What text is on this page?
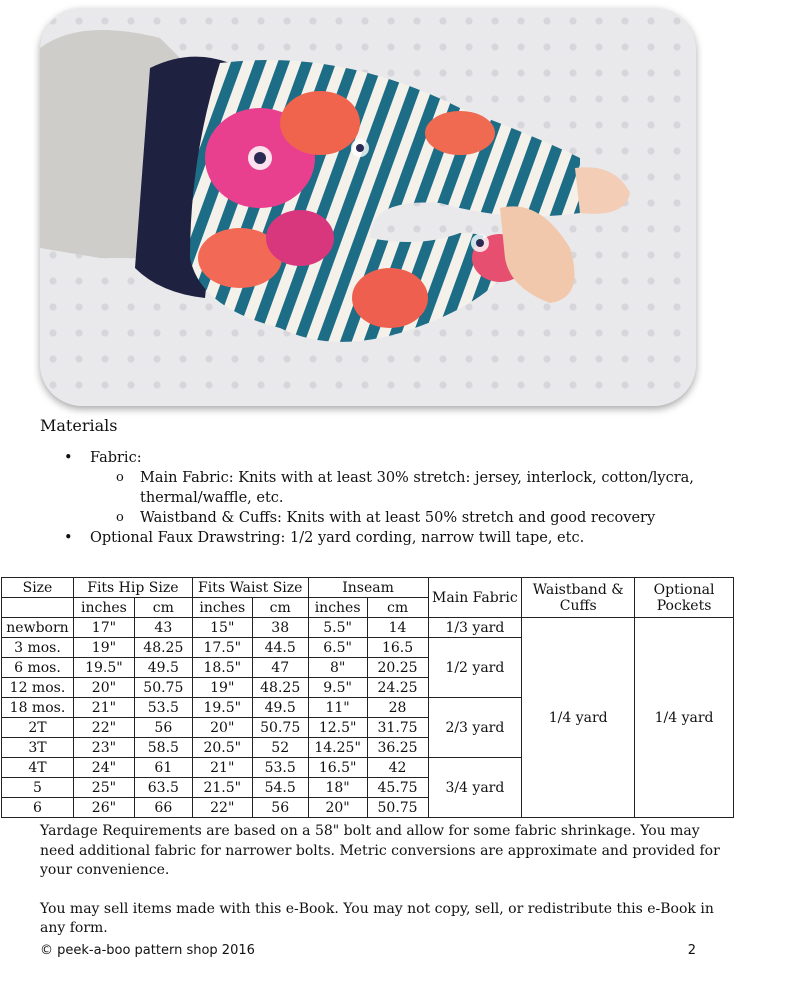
Materials
• Fabric:
o Main Fabric: Knits with at least 30% stretch: jersey, interlock, cotton/lycra, thermal/waffle, etc.
o Waistband & Cuffs: Knits with at least 50% stretch and good recovery
• Optional Faux Drawstring: 1/2 yard cording, narrow twill tape, etc.
Size	Fits Hip Size		Fits Waist Size		Inseam		Main Fabric	Waistband & Cuffs	Optional Pockets
	inches	cm	inches	cm	inches	cm			
newborn	17"	43	15"	38	5.5"	14	1/3 yard	1/4 yard	1/4 yard
3 mos.	19"	48.25	17.5"	44.5	6.5"	16.5	1/2 yard		
6 mos.	19.5"	49.5	18.5"	47	8"	20.25			
12 mos.	20"	50.75	19"	48.25	9.5"	24.25			
18 mos.	21"	53.5	19.5"	49.5	11"	28	2/3 yard		
2T	22"	56	20"	50.75	12.5"	31.75			
3T	23"	58.5	20.5"	52	14.25"	36.25			
4T	24"	61	21"	53.5	16.5"	42	3/4 yard		
5	25"	63.5	21.5"	54.5	18"	45.75			
6	26"	66	22"	56	20"	50.75			

Yardage Requirements are based on a 58" bolt and allow for some fabric shrinkage. You may need additional fabric for narrower bolts. Metric conversions are approximate and provided for your convenience.

You may sell items made with this e-Book. You may not copy, sell, or redistribute this e-Book in any form.

© peek-a-boo pattern shop 2016	2
